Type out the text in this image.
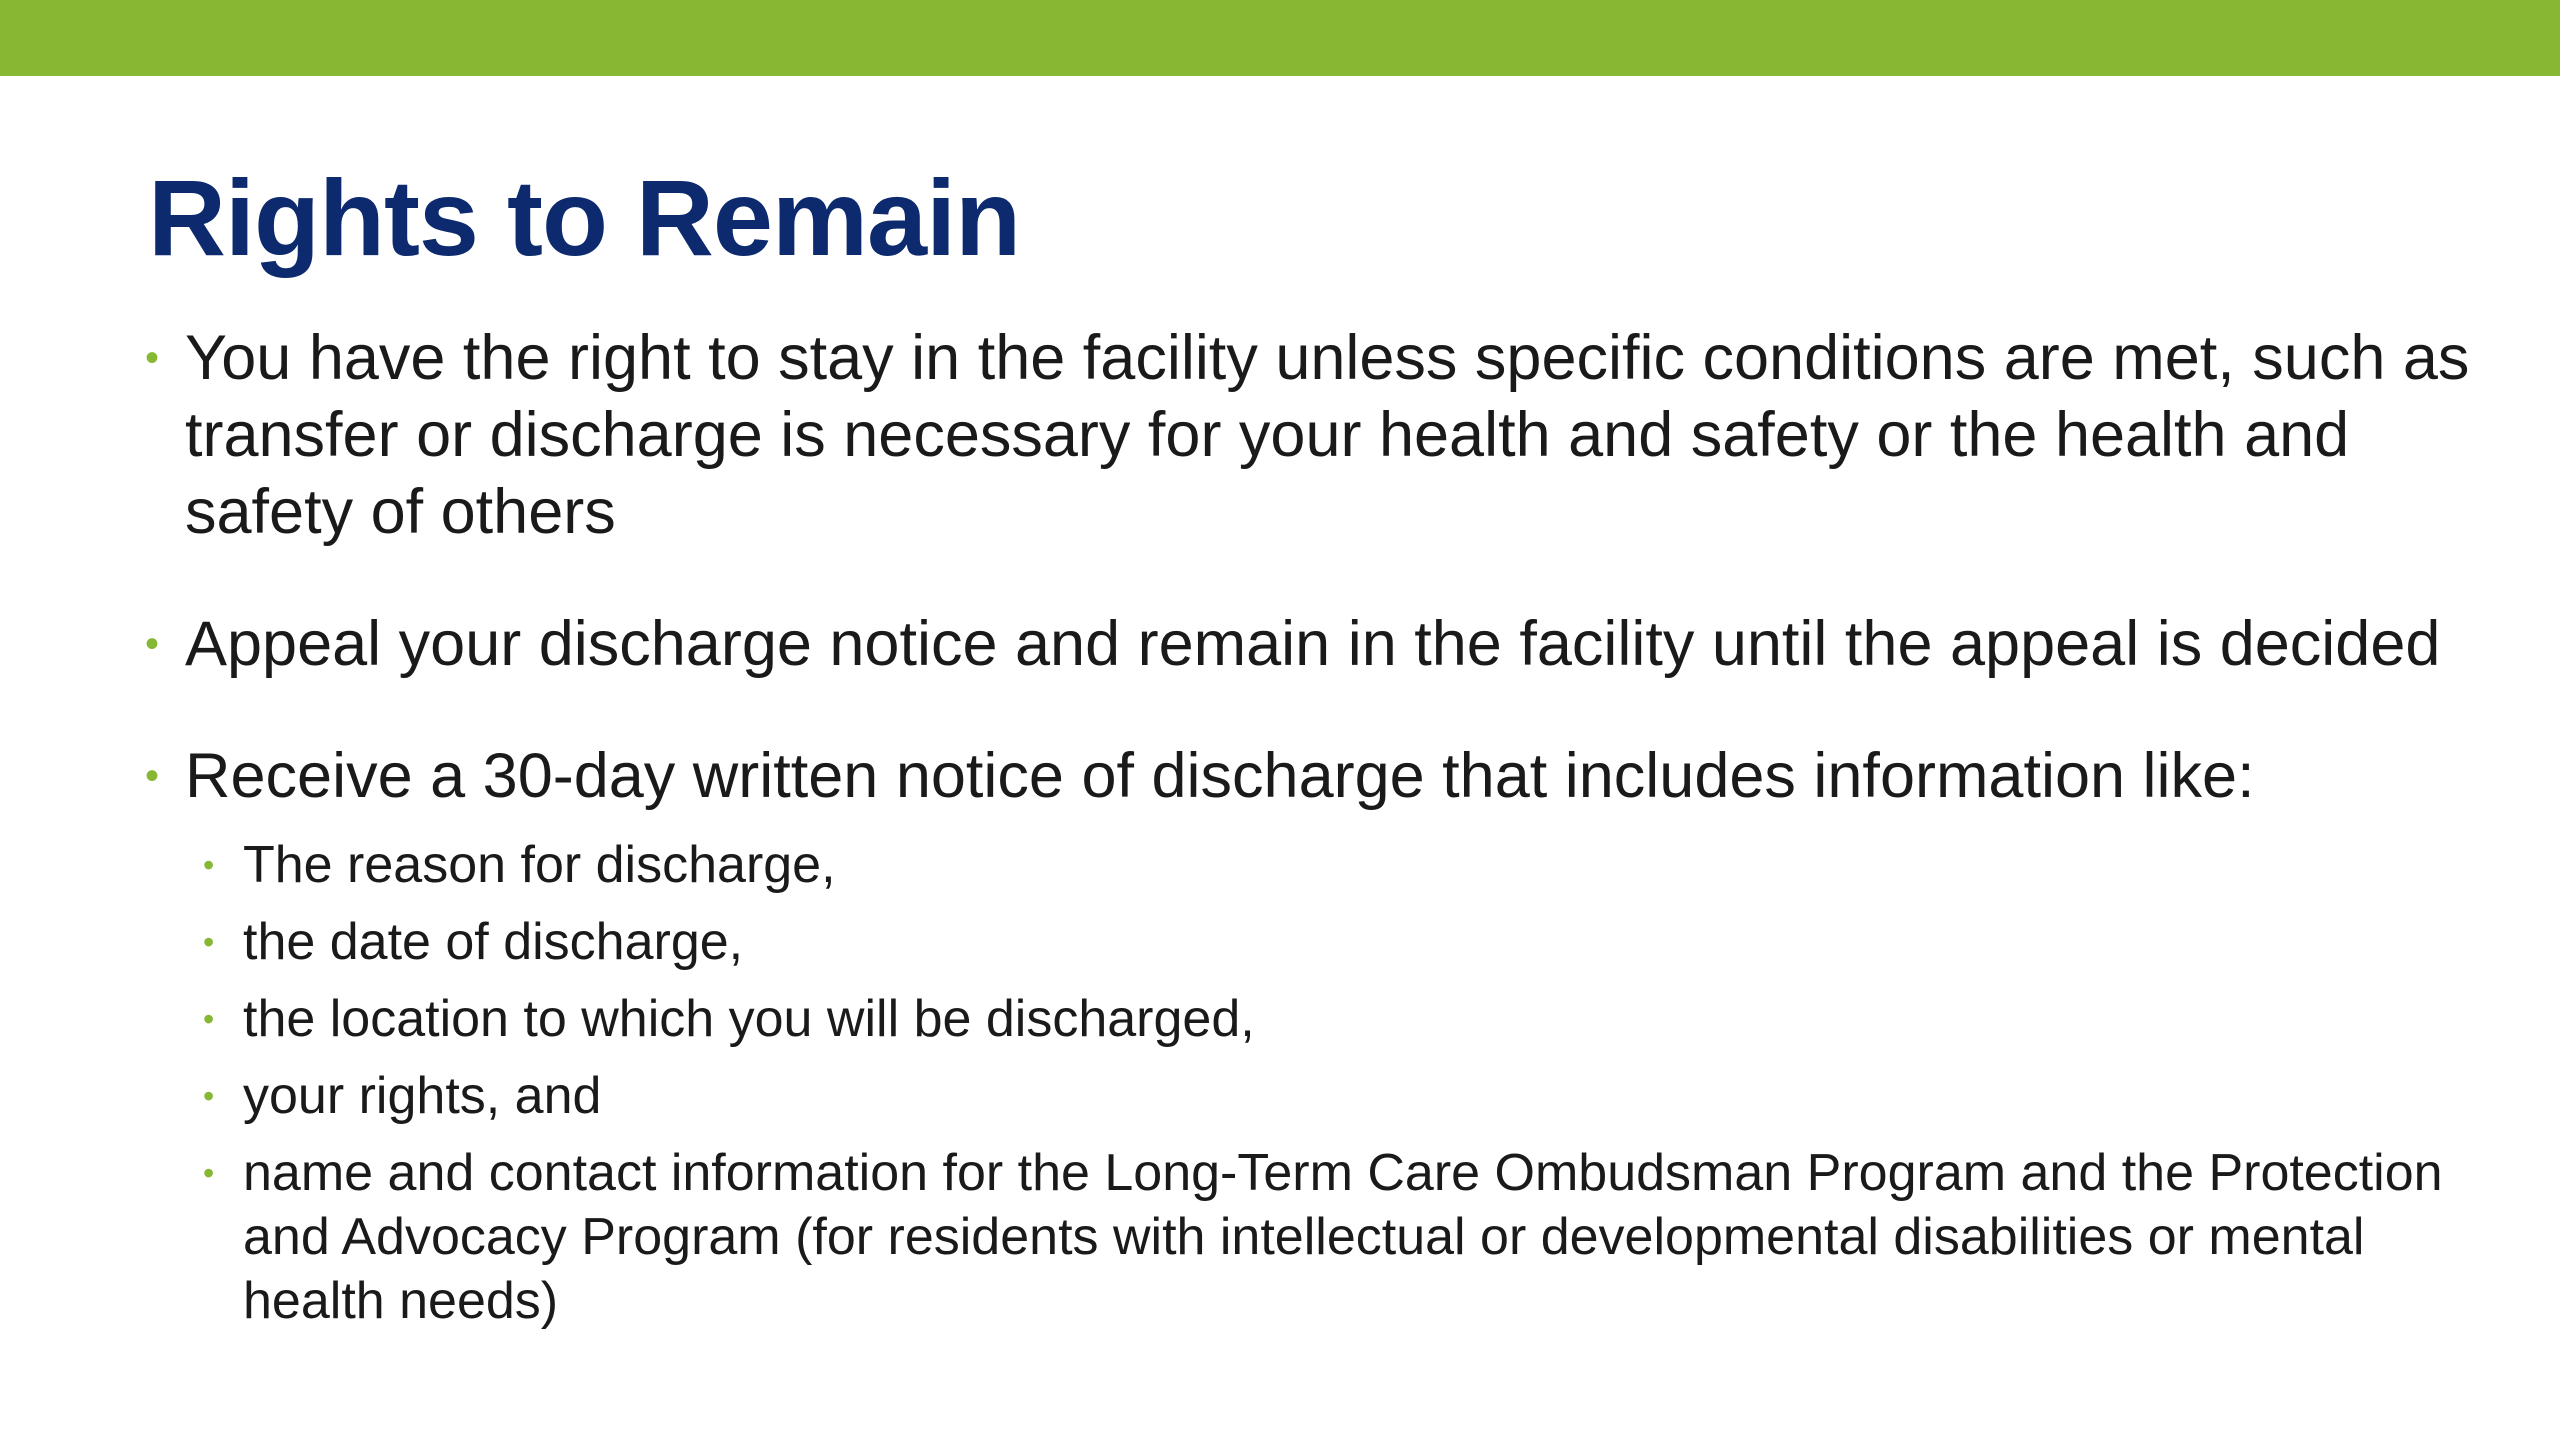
Rights to Remain
• You have the right to stay in the facility unless specific conditions are met, such as transfer or discharge is necessary for your health and safety or the health and safety of others
• Appeal your discharge notice and remain in the facility until the appeal is decided
• Receive a 30-day written notice of discharge that includes information like:
• The reason for discharge,
• the date of discharge,
• the location to which you will be discharged,
• your rights, and
• name and contact information for the Long-Term Care Ombudsman Program and the Protection and Advocacy Program (for residents with intellectual or developmental disabilities or mental health needs)
